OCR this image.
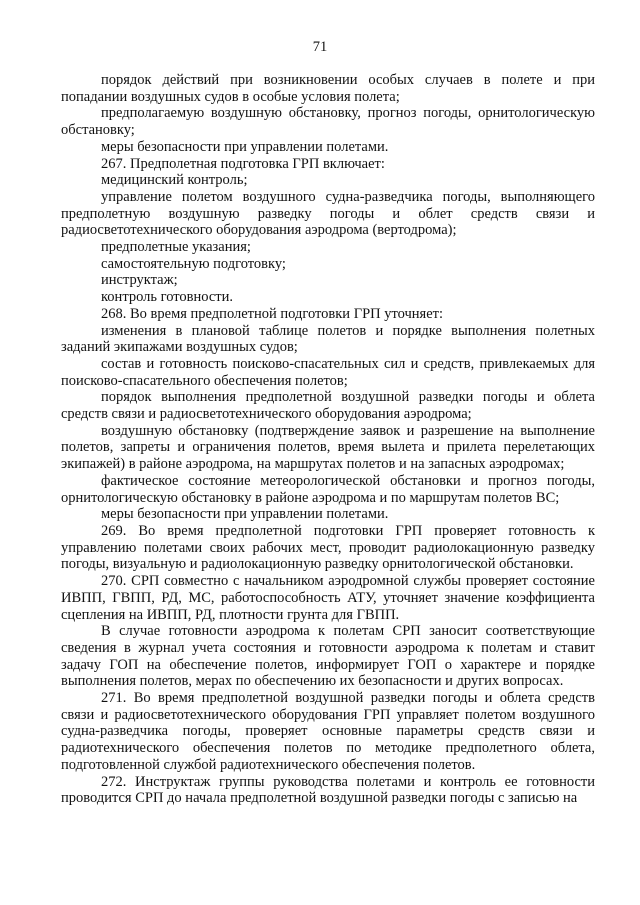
71

порядок действий при возникновении особых случаев в полете и при попадании воздушных судов в особые условия полета;

предполагаемую воздушную обстановку, прогноз погоды, орнитологическую обстановку;

меры безопасности при управлении полетами.

267. Предполетная подготовка ГРП включает:

медицинский контроль;

управление полетом воздушного судна-разведчика погоды, выполняющего предполетную воздушную разведку погоды и облет средств связи и радиосветотехнического оборудования аэродрома (вертодрома);

предполетные указания;

самостоятельную подготовку;

инструктаж;

контроль готовности.

268. Во время предполетной подготовки ГРП уточняет:

изменения в плановой таблице полетов и порядке выполнения полетных заданий экипажами воздушных судов;

состав и готовность поисково-спасательных сил и средств, привлекаемых для поисково-спасательного обеспечения полетов;

порядок выполнения предполетной воздушной разведки погоды и облета средств связи и радиосветотехнического оборудования аэродрома;

воздушную обстановку (подтверждение заявок и разрешение на выполнение полетов, запреты и ограничения полетов, время вылета и прилета перелетающих экипажей) в районе аэродрома, на маршрутах полетов и на запасных аэродромах;

фактическое состояние метеорологической обстановки и прогноз погоды, орнитологическую обстановку в районе аэродрома и по маршрутам полетов ВС;

меры безопасности при управлении полетами.

269. Во время предполетной подготовки ГРП проверяет готовность к управлению полетами своих рабочих мест, проводит радиолокационную разведку погоды, визуальную и радиолокационную разведку орнитологической обстановки.

270. СРП совместно с начальником аэродромной службы проверяет состояние ИВПП, ГВПП, РД, МС, работоспособность АТУ, уточняет значение коэффициента сцепления на ИВПП, РД, плотности грунта для ГВПП.

В случае готовности аэродрома к полетам СРП заносит соответствующие сведения в журнал учета состояния и готовности аэродрома к полетам и ставит задачу ГОП на обеспечение полетов, информирует ГОП о характере и порядке выполнения полетов, мерах по обеспечению их безопасности и других вопросах.

271. Во время предполетной воздушной разведки погоды и облета средств связи и радиосветотехнического оборудования ГРП управляет полетом воздушного судна-разведчика погоды, проверяет основные параметры средств связи и радиотехнического обеспечения полетов по методике предполетного облета, подготовленной службой радиотехнического обеспечения полетов.

272. Инструктаж группы руководства полетами и контроль ее готовности проводится СРП до начала предполетной воздушной разведки погоды с записью на
